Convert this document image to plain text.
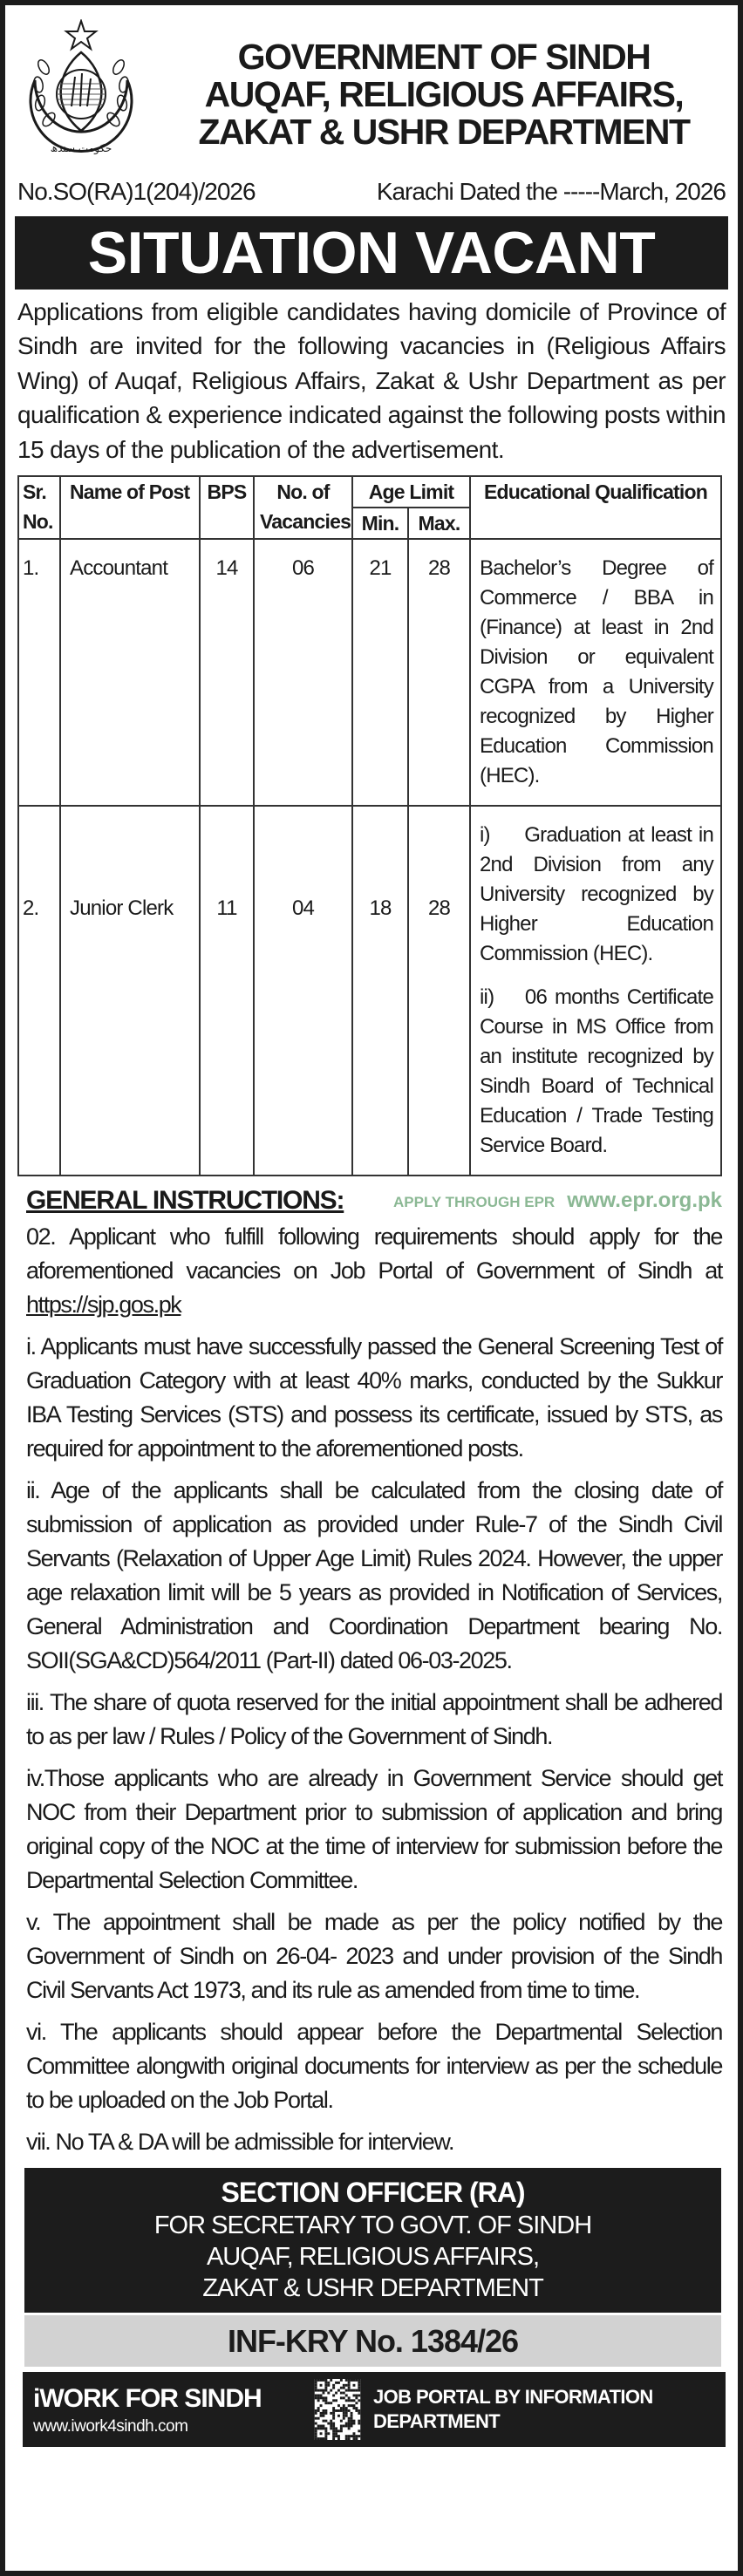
حکومت سندھ
GOVERNMENT OF SINDH
AUQAF, RELIGIOUS AFFAIRS,
ZAKAT & USHR DEPARTMENT
No.SO(RA)1(204)/2026	Karachi Dated the -----March, 2026
SITUATION VACANT
Applications from eligible candidates having domicile of Province of Sindh are invited for the following vacancies in (Religious Affairs Wing) of Auqaf, Religious Affairs, Zakat & Ushr Department as per qualification & experience indicated against the following posts within 15 days of the publication of the advertisement.
Sr. No.	Name of Post	BPS	No. of Vacancies	Age Limit		Educational Qualification
				Min.	Max.	
1.	Accountant	14	06	21	28	Bachelor’s Degree of Commerce / BBA in (Finance) at least in 2nd Division or equivalent CGPA from a University recognized by Higher Education Commission (HEC).

2.	Junior Clerk	11	04	18	28	i)     Graduation at least in 2nd Division from any University recognized by Higher Education Commission (HEC).

ii)    06 months Certificate Course in MS Office from an institute recognized by Sindh Board of Technical Education / Trade Testing Service Board.

GENERAL INSTRUCTIONS:	APPLY THROUGH EPR www.epr.org.pk

02. Applicant who fulfill following requirements should apply for the aforementioned vacancies on Job Portal of Government of Sindh at https://sjp.gos.pk

i. Applicants must have successfully passed the General Screening Test of Graduation Category with at least 40% marks, conducted by the Sukkur IBA Testing Services (STS) and possess its certificate, issued by STS, as required for appointment to the aforementioned posts.

ii. Age of the applicants shall be calculated from the closing date of submission of application as provided under Rule-7 of the Sindh Civil Servants (Relaxation of Upper Age Limit) Rules 2024. However, the upper age relaxation limit will be 5 years as provided in Notification of Services, General Administration and Coordination Department bearing No. SOII(SGA&CD)564/2011 (Part-II) dated 06-03-2025.

iii. The share of quota reserved for the initial appointment shall be adhered to as per law / Rules / Policy of the Government of Sindh.

iv.Those applicants who are already in Government Service should get NOC from their Department prior to submission of application and bring original copy of the NOC at the time of interview for submission before the Departmental Selection Committee.

v. The appointment shall be made as per the policy notified by the Government of Sindh on 26-04- 2023 and under provision of the Sindh Civil Servants Act 1973, and its rule as amended from time to time.

vi. The applicants should appear before the Departmental Selection Committee alongwith original documents for interview as per the schedule to be uploaded on the Job Portal.

vii. No TA & DA will be admissible for interview.

SECTION OFFICER (RA)
FOR SECRETARY TO GOVT. OF SINDH
AUQAF, RELIGIOUS AFFAIRS,
ZAKAT & USHR DEPARTMENT
INF-KRY No. 1384/26
iWORK FOR SINDH
www.iwork4sindh.com
JOB PORTAL BY INFORMATION DEPARTMENT
